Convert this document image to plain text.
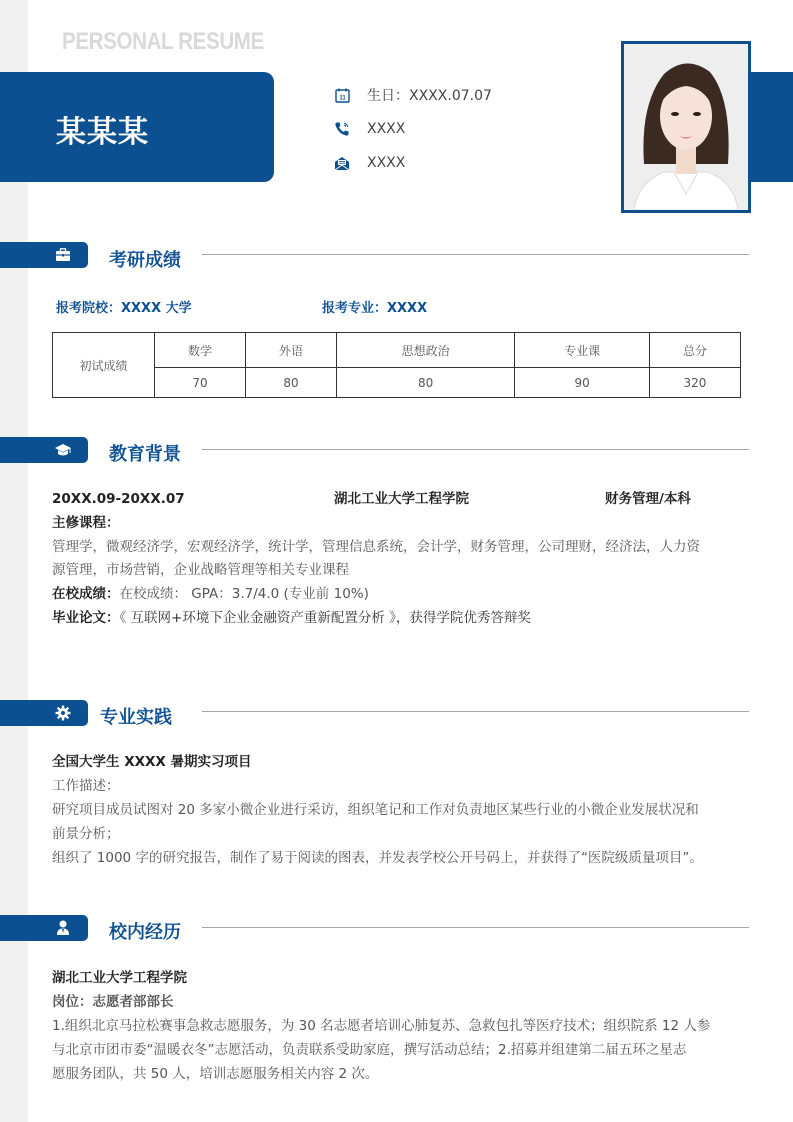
PERSONAL RESUME
某某某
11 生日：XXXX.07.07
XXXX
XXXX
考研成绩
报考院校：XXXX 大学	报考专业：XXXX
初试成绩	数学	外语	思想政治	专业课	总分
	70	80	80	90	320
教育背景
20XX.09-20XX.07	湖北工业大学工程学院	财务管理/本科
主修课程：
管理学，微观经济学，宏观经济学，统计学，管理信息系统，会计学，财务管理，公司理财，经济法，人力资
源管理，市场营销，企业战略管理等相关专业课程
在校成绩：在校成绩： GPA：3.7/4.0 (专业前 10%)
毕业论文：《 互联网+环境下企业金融资产重新配置分析 》，获得学院优秀答辩奖
专业实践
全国大学生 XXXX 暑期实习项目
工作描述：
研究项目成员试图对 20 多家小微企业进行采访，组织笔记和工作对负责地区某些行业的小微企业发展状况和
前景分析；
组织了 1000 字的研究报告，制作了易于阅读的图表，并发表学校公开号码上，并获得了“医院级质量项目”。
校内经历
湖北工业大学工程学院
岗位：志愿者部部长
1.组织北京马拉松赛事急救志愿服务，为 30 名志愿者培训心肺复苏、急救包扎等医疗技术；组织院系 12 人参
与北京市团市委“温暖衣冬”志愿活动，负责联系受助家庭，撰写活动总结；2.招募并组建第二届五环之星志
愿服务团队，共 50 人，培训志愿服务相关内容 2 次。
